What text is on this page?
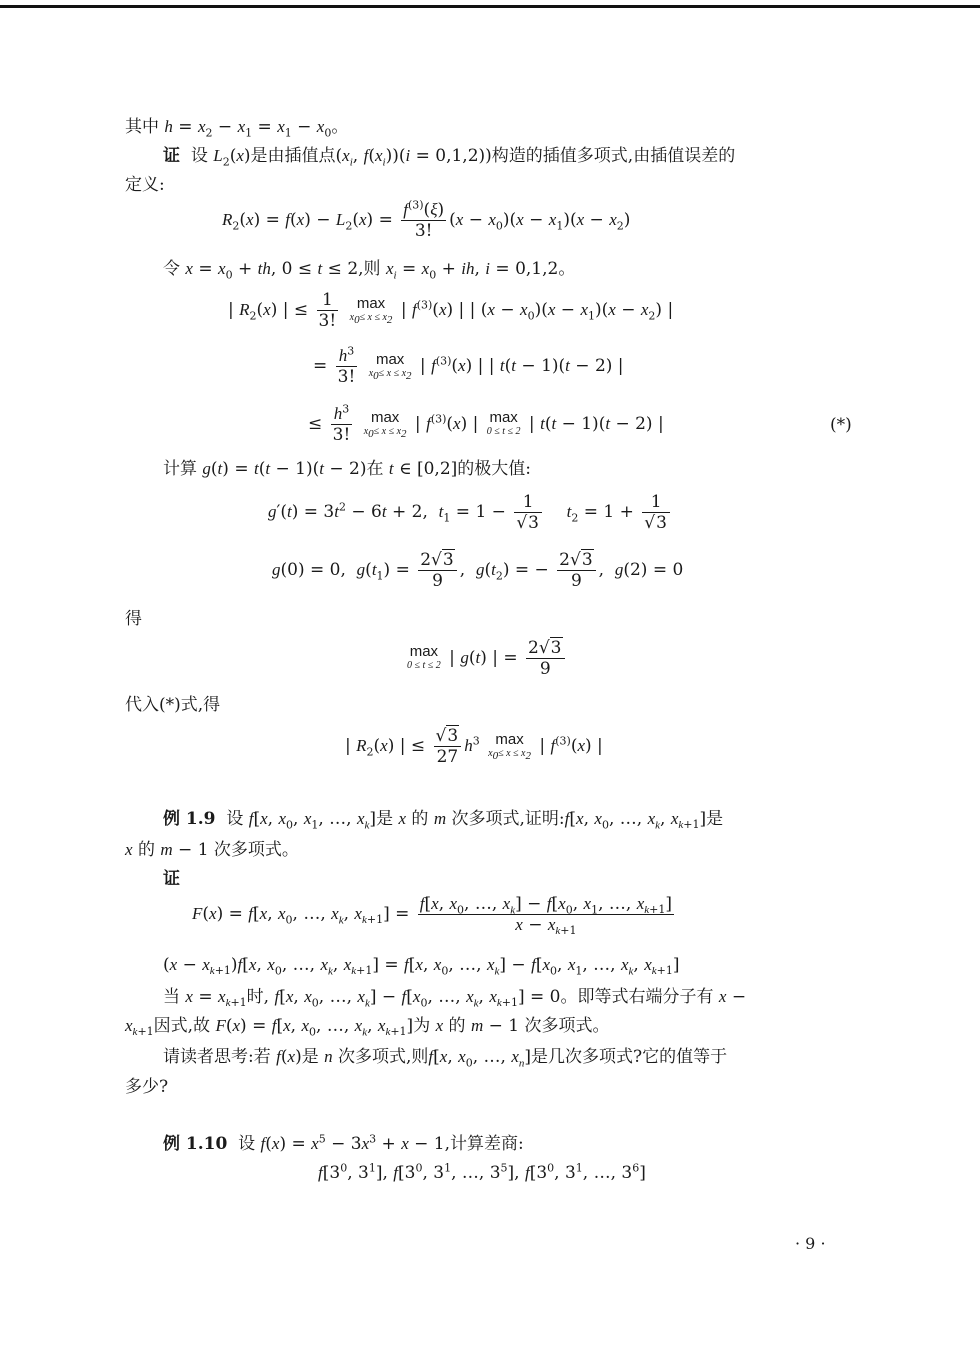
其中 $h = x_2 - x_1 = x_1 - x_0$。
证 设 $L_2(x)$是由插值点($x_i$, $f(x_i))(i = 0,1,2)$)构造的插值多项式,由插值误差的
定义:
$R_2(x) = f(x) - L_2(x) = \frac{f^{(3)}(\xi)}{3!} (x - x_0)(x - x_1)(x - x_2)$
令 $x = x_0$ + th, 0 ≤ t ≤ 2,则 $x_i = x_0$ + ih, i = 0,1,2。
| $R_2(x)$ | ≤ $\frac{1}{3!}$
	max
$x_0\le x \le x_2$ | $f^{(3)}(x)$ | | $(x - x_0)(x - x_1)(x - x_2)$ |
= $\frac{h^3}{3!}$
	max
$x_0\le x \le x_2$ | $f^{(3)}(x)$ | | t(t − 1)(t − 2) |
≤ $\frac{h^3}{3!}$
	max
$x_0\le x \le x_2$ | $f^{(3)}(x)$ | max
0 ≤ t ≤ 2 | t(t − 1)(t − 2) |	(*)
计算 g(t) = t(t − 1)(t − 2)在 t ∈ [0,2]的极大值:
$g'(t) = 3t^2 - 6t + 2$,  $t_1 = 1 - \frac{1}{√3} t_2 = 1 + \frac{1}{√3}$
g(0) = 0,  $g(t_1) = \frac{2√3}{9}$ ,  $g(t_2)$ = − $\frac{2√3}{9}$ ,  g(2) = 0
得
max
0 ≤ t ≤ 2 | g(t) | = $\frac{2√3}{9}$
代入(*)式,得
| $R_2(x)$ | ≤ $\frac{√3}{27} h^3$	max
$x_0\le x \le x_2$ | $f^{(3)}(x)$ |
例 1.9 设 f[x, $x_0$, $x_1$, …, $x_k$]是 x 的 m 次多项式,证明:f[x, $x_0$, …, $x_k$, $x_{k+1}$]是
x 的 m − 1 次多项式。
证
F(x) = f[x, $x_0$, …, $x_k$, $x_{k+1}] = \frac{f[x, x_0, \dots, x_k] - f[x_0, x_1, \dots, x_{k+1}]}{x - x_{k+1}}$
$(x - x_{k+1})f[x$, $x_0$, …, $x_k$, $x_{k+1}] = f[x$, $x_0$, …, $x_k] - f[x_0$, $x_1$, …, $x_k$, $x_{k+1}$]
当 $x = x_{k+1}$时, f[x, $x_0$, …, $x_k] - f[x_0$, …, $x_k$, $x_{k+1}] = 0$。即等式右端分子有 x −
$x_{k+1}$因式,故 F(x) = f[x, $x_0$, …, $x_k$, $x_{k+1}$]为 x 的 m − 1 次多项式。
请读者思考:若 f(x)是 n 次多项式,则f[x, $x_0$, …, $x_n$]是几次多项式?它的值等于
多少?
例 1.10 设 $f(x) = x^5 - 3x^3 + x - 1$,计算差商:
$f[3^0$, $3^1$], $f[3^0$, $3^1$, …, $3^5$], $f[3^0$, $3^1$, …, $3^6$]
· 9 ·
